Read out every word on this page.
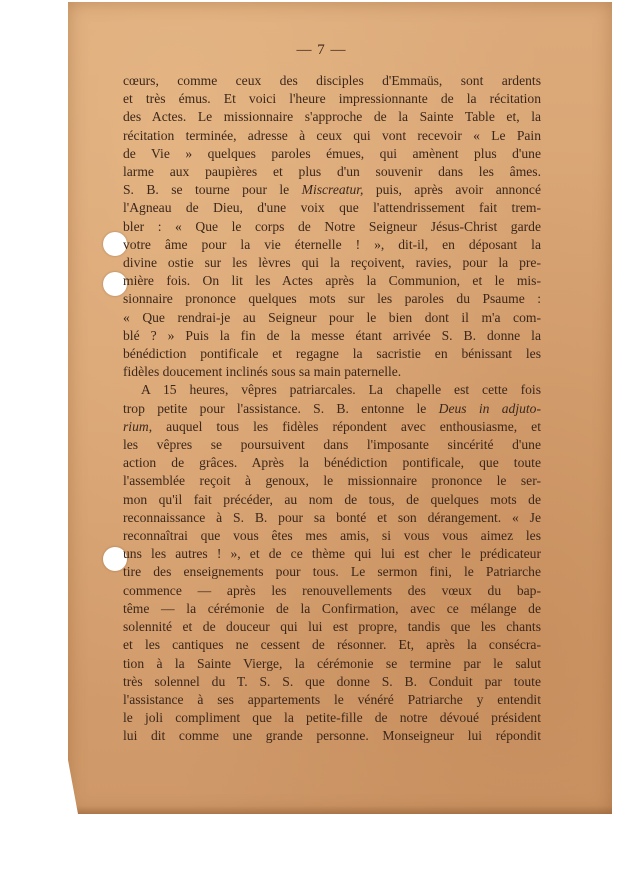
— 7 —
cœurs, comme ceux des disciples d'Emmaüs, sont ardents
et très émus. Et voici l'heure impressionnante de la récitation
des Actes. Le missionnaire s'approche de la Sainte Table et, la
récitation terminée, adresse à ceux qui vont recevoir « Le Pain
de Vie » quelques paroles émues, qui amènent plus d'une
larme aux paupières et plus d'un souvenir dans les âmes.
S. B. se tourne pour le Miscreatur, puis, après avoir annoncé
l'Agneau de Dieu, d'une voix que l'attendrissement fait trem-
bler : « Que le corps de Notre Seigneur Jésus-Christ garde
votre âme pour la vie éternelle ! », dit-il, en déposant la
divine ostie sur les lèvres qui la reçoivent, ravies, pour la pre-
mière fois. On lit les Actes après la Communion, et le mis-
sionnaire prononce quelques mots sur les paroles du Psaume :
« Que rendrai-je au Seigneur pour le bien dont il m'a com-
blé ? » Puis la fin de la messe étant arrivée S. B. donne la
bénédiction pontificale et regagne la sacristie en bénissant les
fidèles doucement inclinés sous sa main paternelle.
A 15 heures, vêpres patriarcales. La chapelle est cette fois
trop petite pour l'assistance. S. B. entonne le Deus in adjuto-
rium, auquel tous les fidèles répondent avec enthousiasme, et
les vêpres se poursuivent dans l'imposante sincérité d'une
action de grâces. Après la bénédiction pontificale, que toute
l'assemblée reçoit à genoux, le missionnaire prononce le ser-
mon qu'il fait précéder, au nom de tous, de quelques mots de
reconnaissance à S. B. pour sa bonté et son dérangement. « Je
reconnaîtrai que vous êtes mes amis, si vous vous aimez les
uns les autres ! », et de ce thème qui lui est cher le prédicateur
tire des enseignements pour tous. Le sermon fini, le Patriarche
commence — après les renouvellements des vœux du bap-
tême — la cérémonie de la Confirmation, avec ce mélange de
solennité et de douceur qui lui est propre, tandis que les chants
et les cantiques ne cessent de résonner. Et, après la consécra-
tion à la Sainte Vierge, la cérémonie se termine par le salut
très solennel du T. S. S. que donne S. B. Conduit par toute
l'assistance à ses appartements le vénéré Patriarche y entendit
le joli compliment que la petite-fille de notre dévoué président
lui dit comme une grande personne. Monseigneur lui répondit
